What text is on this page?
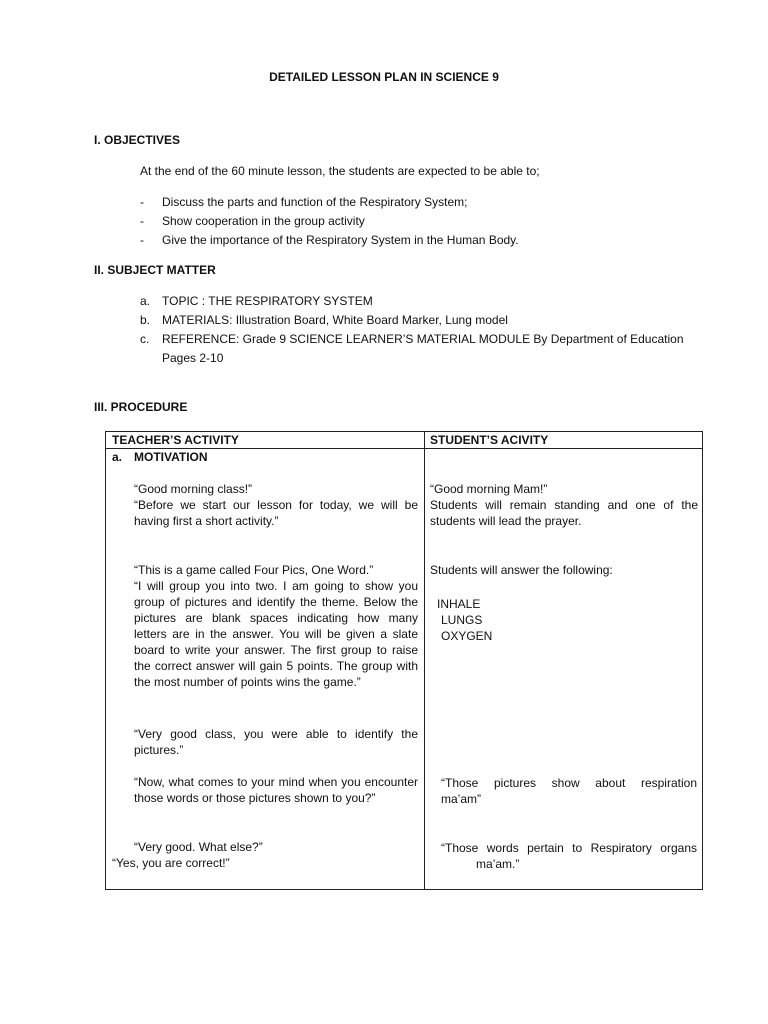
DETAILED LESSON PLAN IN SCIENCE 9
I. OBJECTIVES
At the end of the 60 minute lesson, the students are expected to be able to;
- Discuss the parts and function of the Respiratory System;
- Show cooperation in the group activity
- Give the importance of the Respiratory System in the Human Body.
II. SUBJECT MATTER
a. TOPIC : THE RESPIRATORY SYSTEM
b. MATERIALS: Illustration Board, White Board Marker, Lung model
c. REFERENCE: Grade 9 SCIENCE LEARNER’S MATERIAL MODULE By Department of Education
Pages 2-10
III. PROCEDURE
TEACHER’S ACTIVITY	STUDENT’S ACIVITY
a. MOTIVATION
“Good morning class!”
“Before we start our lesson for today, we will be having first a short activity.”
“This is a game called Four Pics, One Word.”
“I will group you into two. I am going to show you group of pictures and identify the theme. Below the pictures are blank spaces indicating how many letters are in the answer. You will be given a slate board to write your answer. The first group to raise the correct answer will gain 5 points. The group with the most number of points wins the game.”
“Very good class, you were able to identify the pictures.”
“Now, what comes to your mind when you encounter those words or those pictures shown to you?”
“Very good. What else?”
“Yes, you are correct!”
“Good morning Mam!”
Students will remain standing and one of the students will lead the prayer.
Students will answer the following:
INHALE
LUNGS
OXYGEN
“Those pictures show about respiration
ma’am”
“Those words pertain to Respiratory organs
ma’am.”
